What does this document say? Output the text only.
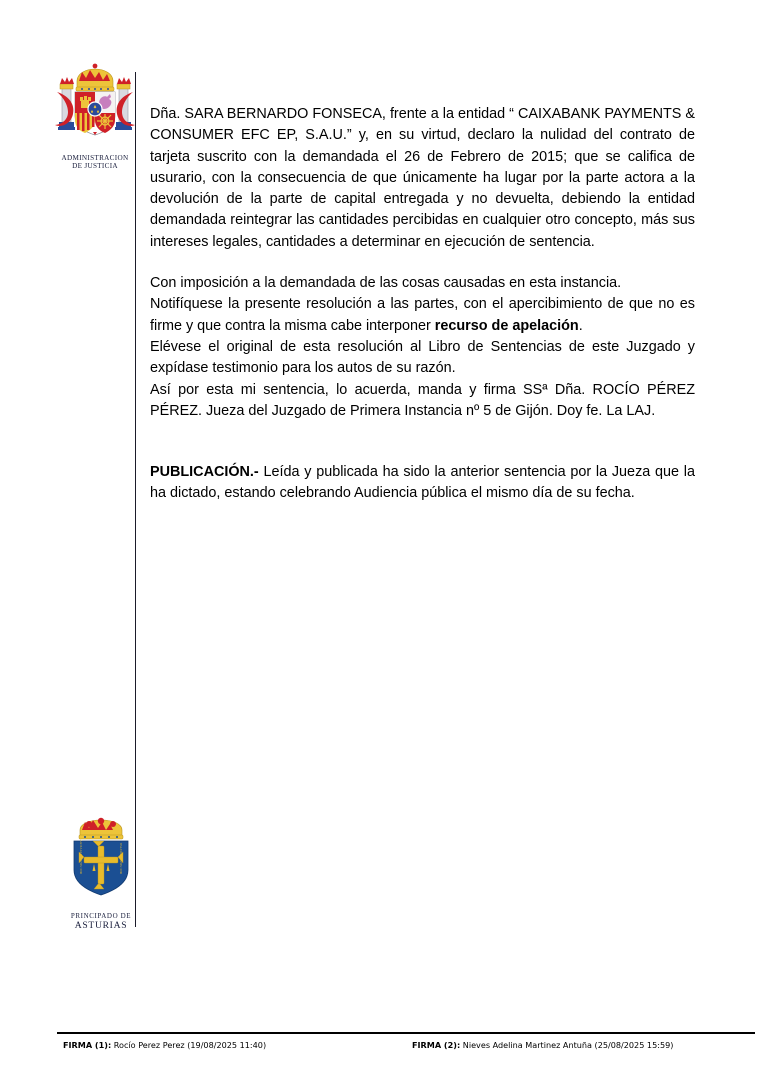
ADMINISTRACION
DE JUSTICIA
HOC SIGNO TVETVR PIVS	HOC SIGNO VINCITVR
PRINCIPADO DE
ASTURIAS

Dña. SARA BERNARDO FONSECA, frente a la entidad “ CAIXABANK PAYMENTS & CONSUMER EFC EP, S.A.U.” y, en su virtud, declaro la nulidad del contrato de tarjeta suscrito con la demandada el 26 de Febrero de 2015; que se califica de usurario, con la consecuencia de que únicamente ha lugar por la parte actora a la devolución de la parte de capital entregada y no devuelta, debiendo la entidad demandada reintegrar las cantidades percibidas en cualquier otro concepto, más sus intereses legales, cantidades a determinar en ejecución de sentencia.

Con imposición a la demandada de las cosas causadas en esta instancia.

Notifíquese la presente resolución a las partes, con el apercibimiento de que no es firme y que contra la misma cabe interponer recurso de apelación.

Elévese el original de esta resolución al Libro de Sentencias de este Juzgado y expídase testimonio para los autos de su razón.

Así por esta mi sentencia, lo acuerda, manda y firma SSª Dña. ROCÍO PÉREZ PÉREZ. Jueza del Juzgado de Primera Instancia nº 5 de Gijón. Doy fe. La LAJ.

PUBLICACIÓN.- Leída y publicada ha sido la anterior sentencia por la Jueza que la ha dictado, estando celebrando Audiencia pública el mismo día de su fecha.

FIRMA (1): Rocío Perez Perez (19/08/2025 11:40)	FIRMA (2): Nieves Adelina Martinez Antuña (25/08/2025 15:59)
